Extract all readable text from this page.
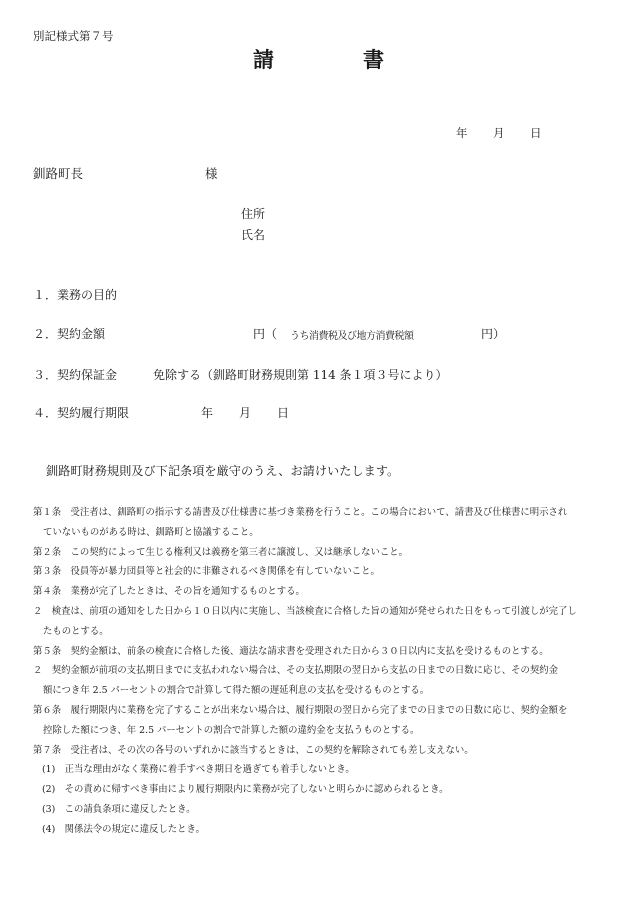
別記様式第７号
請	書
年 月 日
釧路町長	様
住所
氏名
１．業務の目的
２．契約金額	円（ うち消費税及び地方消費税額	円）
３．契約保証金	免除する（釧路町財務規則第 114 条１項３号により）
４．契約履行期限	年 月 日
釧路町財務規則及び下記条項を厳守のうえ、お請けいたします。
第１条　受注者は、釧路町の指示する請書及び仕様書に基づき業務を行うこと。この場合において、請書及び仕様書に明示され
ていないものがある時は、釧路町と協議すること。
第２条　この契約によって生じる権利又は義務を第三者に譲渡し、又は継承しないこと。
第３条　役員等が暴力団員等と社会的に非難されるべき関係を有していないこと。
第４条　業務が完了したときは、その旨を通知するものとする。
２　検査は、前項の通知をした日から１０日以内に実施し、当該検査に合格した旨の通知が発せられた日をもって引渡しが完了し
たものとする。
第５条　契約金額は、前条の検査に合格した後、適法な請求書を受理された日から３０日以内に支払を受けるものとする。
２　契約金額が前項の支払期日までに支払われない場合は、その支払期限の翌日から支払の日までの日数に応じ、その契約金
額につき年 2.5 パーセントの割合で計算して得た額の遅延利息の支払を受けるものとする。
第６条　履行期限内に業務を完了することが出来ない場合は、履行期限の翌日から完了までの日までの日数に応じ、契約金額を
控除した額につき、年 2.5 パーセントの割合で計算した額の違約金を支払うものとする。
第７条　受注者は、その次の各号のいずれかに該当するときは、この契約を解除されても差し支えない。
(1)　正当な理由がなく業務に着手すべき期日を過ぎても着手しないとき。
(2)　その責めに帰すべき事由により履行期限内に業務が完了しないと明らかに認められるとき。
(3)　この請負条項に違反したとき。
(4)　関係法令の規定に違反したとき。
